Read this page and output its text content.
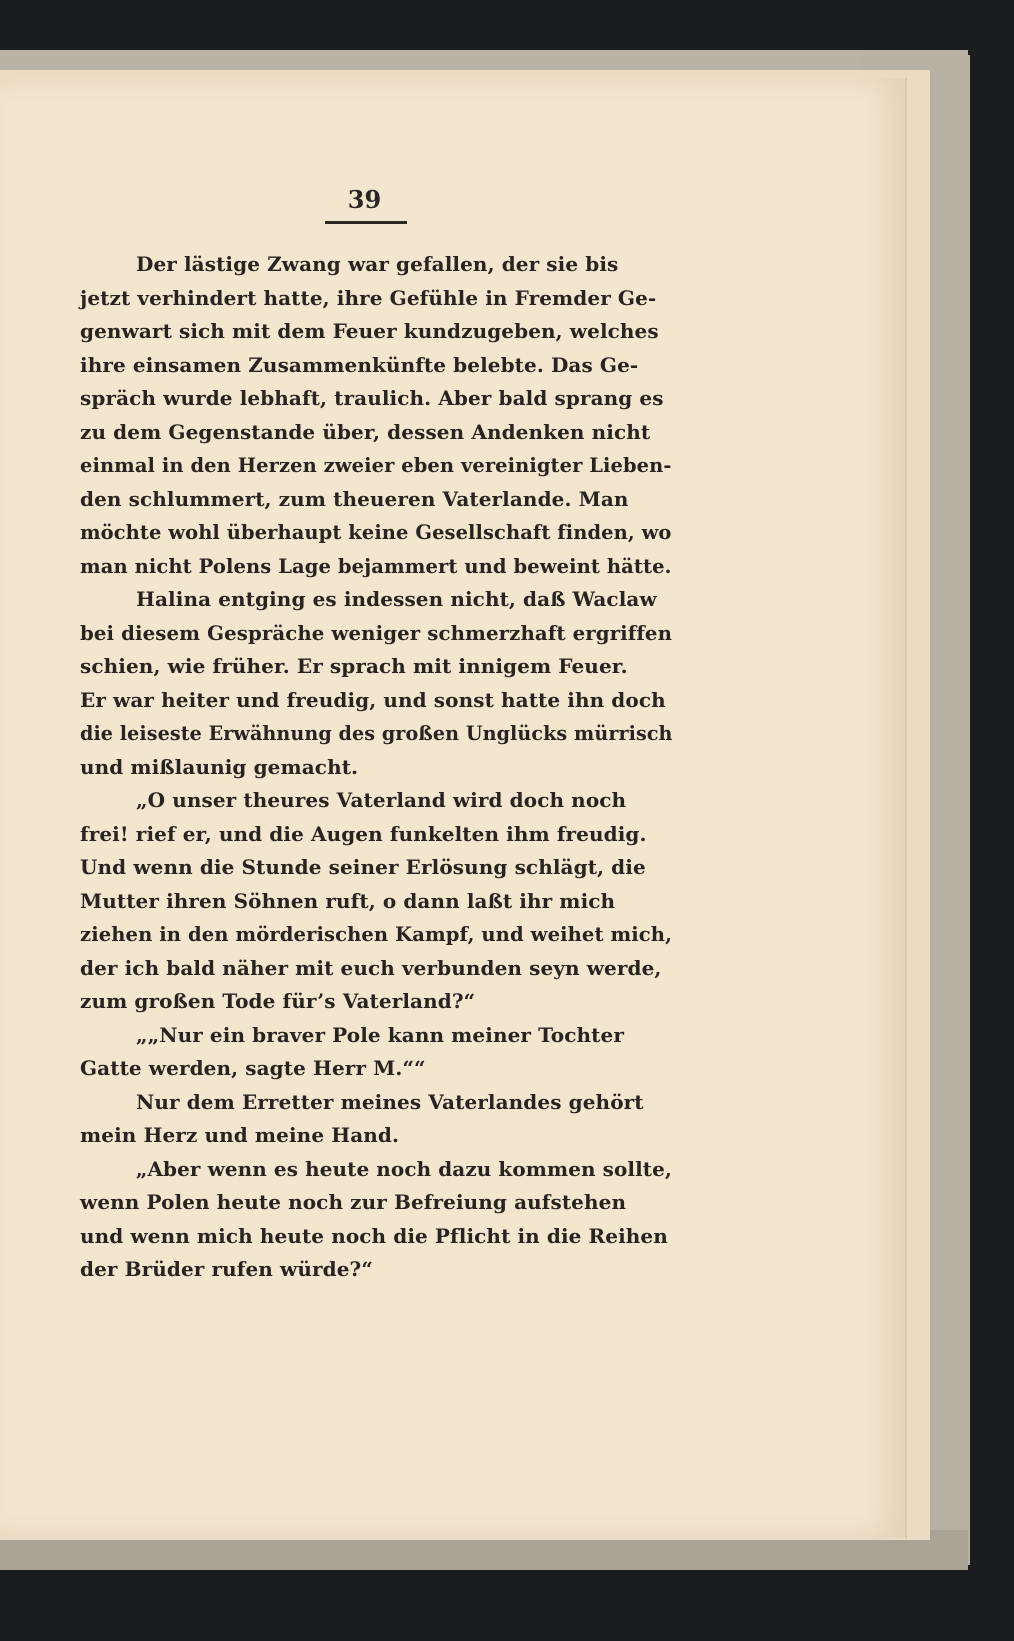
39
Der lästige Zwang war gefallen, der sie bis
jetzt verhindert hatte, ihre Gefühle in Fremder Ge-
genwart sich mit dem Feuer kundzugeben, welches
ihre einsamen Zusammenkünfte belebte. Das Ge-
spräch wurde lebhaft, traulich. Aber bald sprang es
zu dem Gegenstande über, dessen Andenken nicht
einmal in den Herzen zweier eben vereinigter Lieben-
den schlummert, zum theueren Vaterlande. Man
möchte wohl überhaupt keine Gesellschaft finden, wo
man nicht Polens Lage bejammert und beweint hätte.
Halina entging es indessen nicht, daß Waclaw
bei diesem Gespräche weniger schmerzhaft ergriffen
schien, wie früher. Er sprach mit innigem Feuer.
Er war heiter und freudig, und sonst hatte ihn doch
die leiseste Erwähnung des großen Unglücks mürrisch
und mißlaunig gemacht.
„O unser theures Vaterland wird doch noch
frei! rief er, und die Augen funkelten ihm freudig.
Und wenn die Stunde seiner Erlösung schlägt, die
Mutter ihren Söhnen ruft, o dann laßt ihr mich
ziehen in den mörderischen Kampf, und weihet mich,
der ich bald näher mit euch verbunden seyn werde,
zum großen Tode für’s Vaterland?“
„„Nur ein braver Pole kann meiner Tochter
Gatte werden, sagte Herr M.““
Nur dem Erretter meines Vaterlandes gehört
mein Herz und meine Hand.
„Aber wenn es heute noch dazu kommen sollte,
wenn Polen heute noch zur Befreiung aufstehen
und wenn mich heute noch die Pflicht in die Reihen
der Brüder rufen würde?“
